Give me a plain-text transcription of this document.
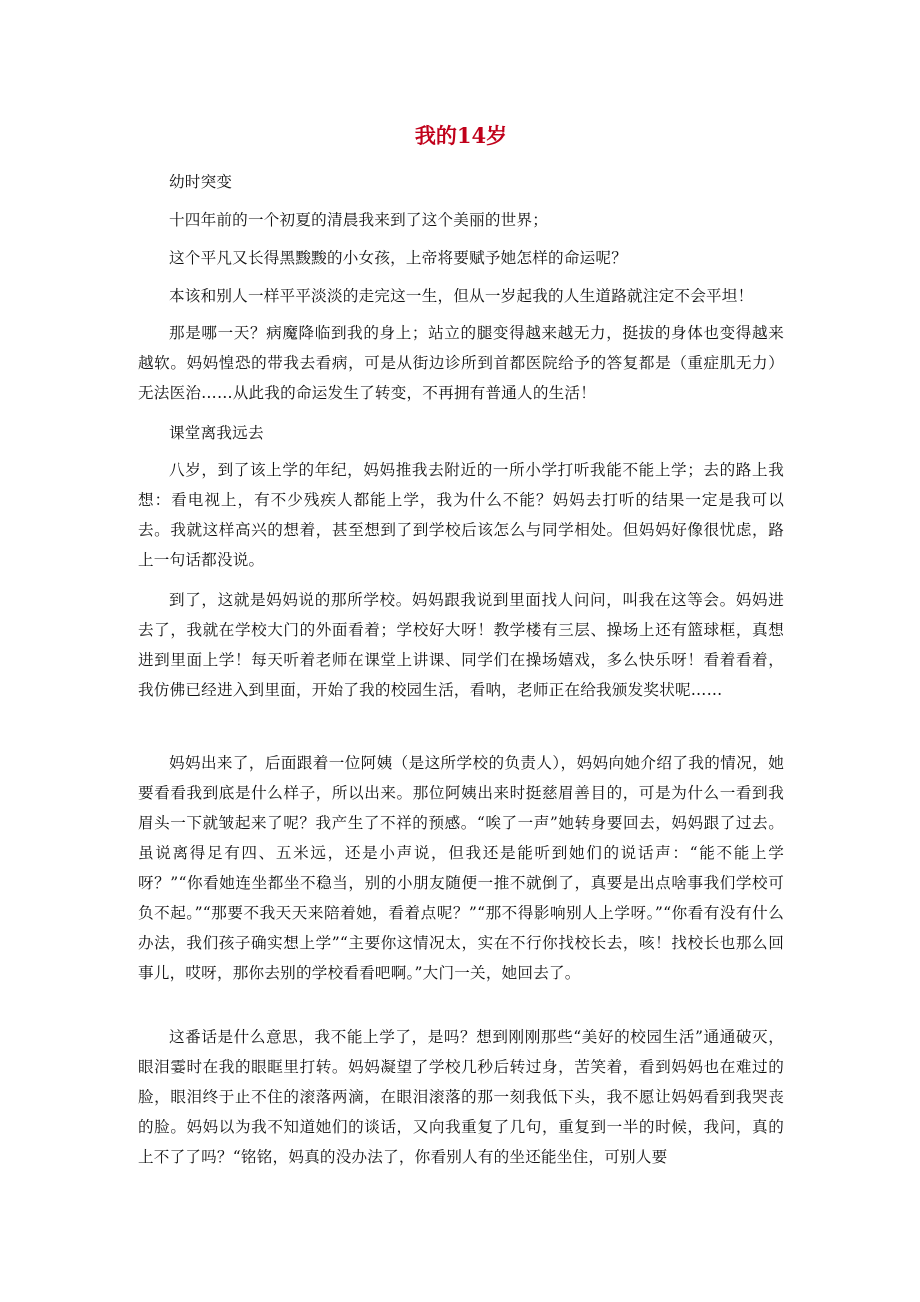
我的14岁

幼时突变

十四年前的一个初夏的清晨我来到了这个美丽的世界；

这个平凡又长得黑黢黢的小女孩，上帝将要赋予她怎样的命运呢？

本该和别人一样平平淡淡的走完这一生，但从一岁起我的人生道路就注定不会平坦！

那是哪一天？病魔降临到我的身上；站立的腿变得越来越无力，挺拔的身体也变得越来越软。妈妈惶恐的带我去看病，可是从街边诊所到首都医院给予的答复都是（重症肌无力）无法医治……从此我的命运发生了转变，不再拥有普通人的生活！

课堂离我远去

八岁，到了该上学的年纪，妈妈推我去附近的一所小学打听我能不能上学；去的路上我想：看电视上，有不少残疾人都能上学，我为什么不能？妈妈去打听的结果一定是我可以去。我就这样高兴的想着，甚至想到了到学校后该怎么与同学相处。但妈妈好像很忧虑，路上一句话都没说。

到了，这就是妈妈说的那所学校。妈妈跟我说到里面找人问问，叫我在这等会。妈妈进去了，我就在学校大门的外面看着；学校好大呀！教学楼有三层、操场上还有篮球框，真想进到里面上学！每天听着老师在课堂上讲课、同学们在操场嬉戏，多么快乐呀！看着看着，我仿佛已经进入到里面，开始了我的校园生活，看呐，老师正在给我颁发奖状呢……

妈妈出来了，后面跟着一位阿姨（是这所学校的负责人），妈妈向她介绍了我的情况，她要看看我到底是什么样子，所以出来。那位阿姨出来时挺慈眉善目的，可是为什么一看到我眉头一下就皱起来了呢？我产生了不祥的预感。“唉了一声”她转身要回去，妈妈跟了过去。虽说离得足有四、五米远，还是小声说，但我还是能听到她们的说话声：“能不能上学呀？”“你看她连坐都坐不稳当，别的小朋友随便一推不就倒了，真要是出点啥事我们学校可负不起。”“那要不我天天来陪着她，看着点呢？”“那不得影响别人上学呀。”“你看有没有什么办法，我们孩子确实想上学”“主要你这情况太，实在不行你找校长去，咳！找校长也那么回事儿，哎呀，那你去别的学校看看吧啊。”大门一关，她回去了。

这番话是什么意思，我不能上学了，是吗？想到刚刚那些“美好的校园生活”通通破灭，眼泪霎时在我的眼眶里打转。妈妈凝望了学校几秒后转过身，苦笑着，看到妈妈也在难过的脸，眼泪终于止不住的滚落两滴，在眼泪滚落的那一刻我低下头，我不愿让妈妈看到我哭丧的脸。妈妈以为我不知道她们的谈话，又向我重复了几句，重复到一半的时候，我问，真的上不了了吗？“铭铭，妈真的没办法了，你看别人有的坐还能坐住，可别人要
